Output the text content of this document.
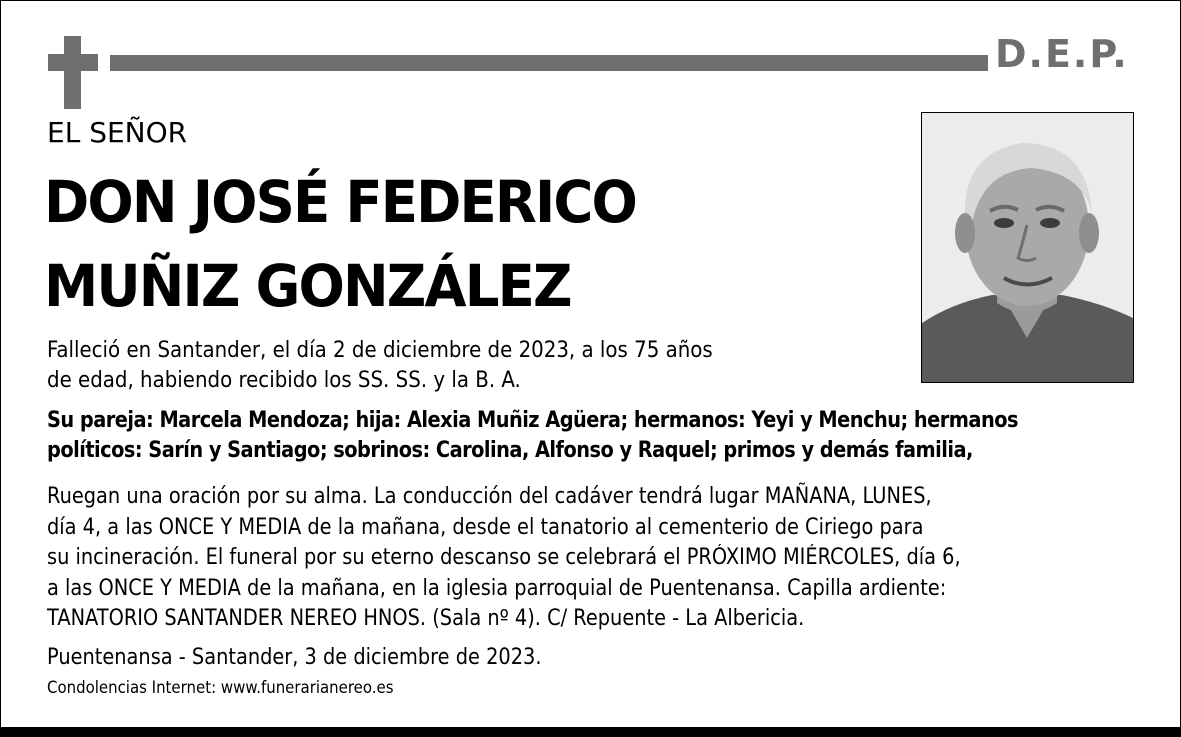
D.E.P.
EL SEÑOR
DON JOSÉ FEDERICO
MUÑIZ GONZÁLEZ
Falleció en Santander, el día 2 de diciembre de 2023, a los 75 años
de edad, habiendo recibido los SS. SS. y la B. A.
Su pareja: Marcela Mendoza; hija: Alexia Muñiz Agüera; hermanos: Yeyi y Menchu; hermanos
políticos: Sarín y Santiago; sobrinos: Carolina, Alfonso y Raquel; primos y demás familia,
Ruegan una oración por su alma. La conducción del cadáver tendrá lugar MAÑANA, LUNES,
día 4, a las ONCE Y MEDIA de la mañana, desde el tanatorio al cementerio de Ciriego para
su incineración. El funeral por su eterno descanso se celebrará el PRÓXIMO MIÉRCOLES, día 6,
a las ONCE Y MEDIA de la mañana, en la iglesia parroquial de Puentenansa. Capilla ardiente:
TANATORIO SANTANDER NEREO HNOS. (Sala nº 4). C/ Repuente - La Albericia.
Puentenansa - Santander, 3 de diciembre de 2023.
Condolencias Internet: www.funerarianereo.es
